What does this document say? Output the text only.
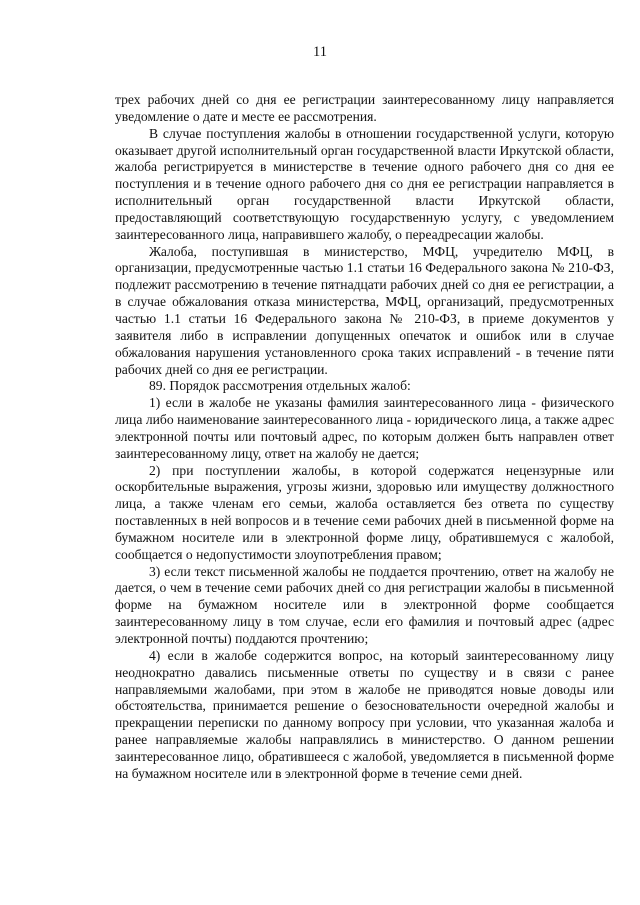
11

трех рабочих дней со дня ее регистрации заинтересованному лицу направляется уведомление о дате и месте ее рассмотрения.

В случае поступления жалобы в отношении государственной услуги, которую оказывает другой исполнительный орган государственной власти Иркутской области, жалоба регистрируется в министерстве в течение одного рабочего дня со дня ее поступления и в течение одного рабочего дня со дня ее регистрации направляется в исполнительный орган государственной власти Иркутской области, предоставляющий соответствующую государственную услугу, с уведомлением заинтересованного лица, направившего жалобу, о переадресации жалобы.

Жалоба, поступившая в министерство, МФЦ, учредителю МФЦ, в организации, предусмотренные частью 1.1 статьи 16 Федерального закона № 210-ФЗ, подлежит рассмотрению в течение пятнадцати рабочих дней со дня ее регистрации, а в случае обжалования отказа министерства, МФЦ, организаций, предусмотренных частью 1.1 статьи 16 Федерального закона № 210-ФЗ, в приеме документов у заявителя либо в исправлении допущенных опечаток и ошибок или в случае обжалования нарушения установленного срока таких исправлений - в течение пяти рабочих дней со дня ее регистрации.

89. Порядок рассмотрения отдельных жалоб:

1) если в жалобе не указаны фамилия заинтересованного лица - физического лица либо наименование заинтересованного лица - юридического лица, а также адрес электронной почты или почтовый адрес, по которым должен быть направлен ответ заинтересованному лицу, ответ на жалобу не дается;

2) при поступлении жалобы, в которой содержатся нецензурные или оскорбительные выражения, угрозы жизни, здоровью или имуществу должностного лица, а также членам его семьи, жалоба оставляется без ответа по существу поставленных в ней вопросов и в течение семи рабочих дней в письменной форме на бумажном носителе или в электронной форме лицу, обратившемуся с жалобой, сообщается о недопустимости злоупотребления правом;

3) если текст письменной жалобы не поддается прочтению, ответ на жалобу не дается, о чем в течение семи рабочих дней со дня регистрации жалобы в письменной форме на бумажном носителе или в электронной форме сообщается заинтересованному лицу в том случае, если его фамилия и почтовый адрес (адрес электронной почты) поддаются прочтению;

4) если в жалобе содержится вопрос, на который заинтересованному лицу неоднократно давались письменные ответы по существу и в связи с ранее направляемыми жалобами, при этом в жалобе не приводятся новые доводы или обстоятельства, принимается решение о безосновательности очередной жалобы и прекращении переписки по данному вопросу при условии, что указанная жалоба и ранее направляемые жалобы направлялись в министерство. О данном решении заинтересованное лицо, обратившееся с жалобой, уведомляется в письменной форме на бумажном носителе или в электронной форме в течение семи дней.
